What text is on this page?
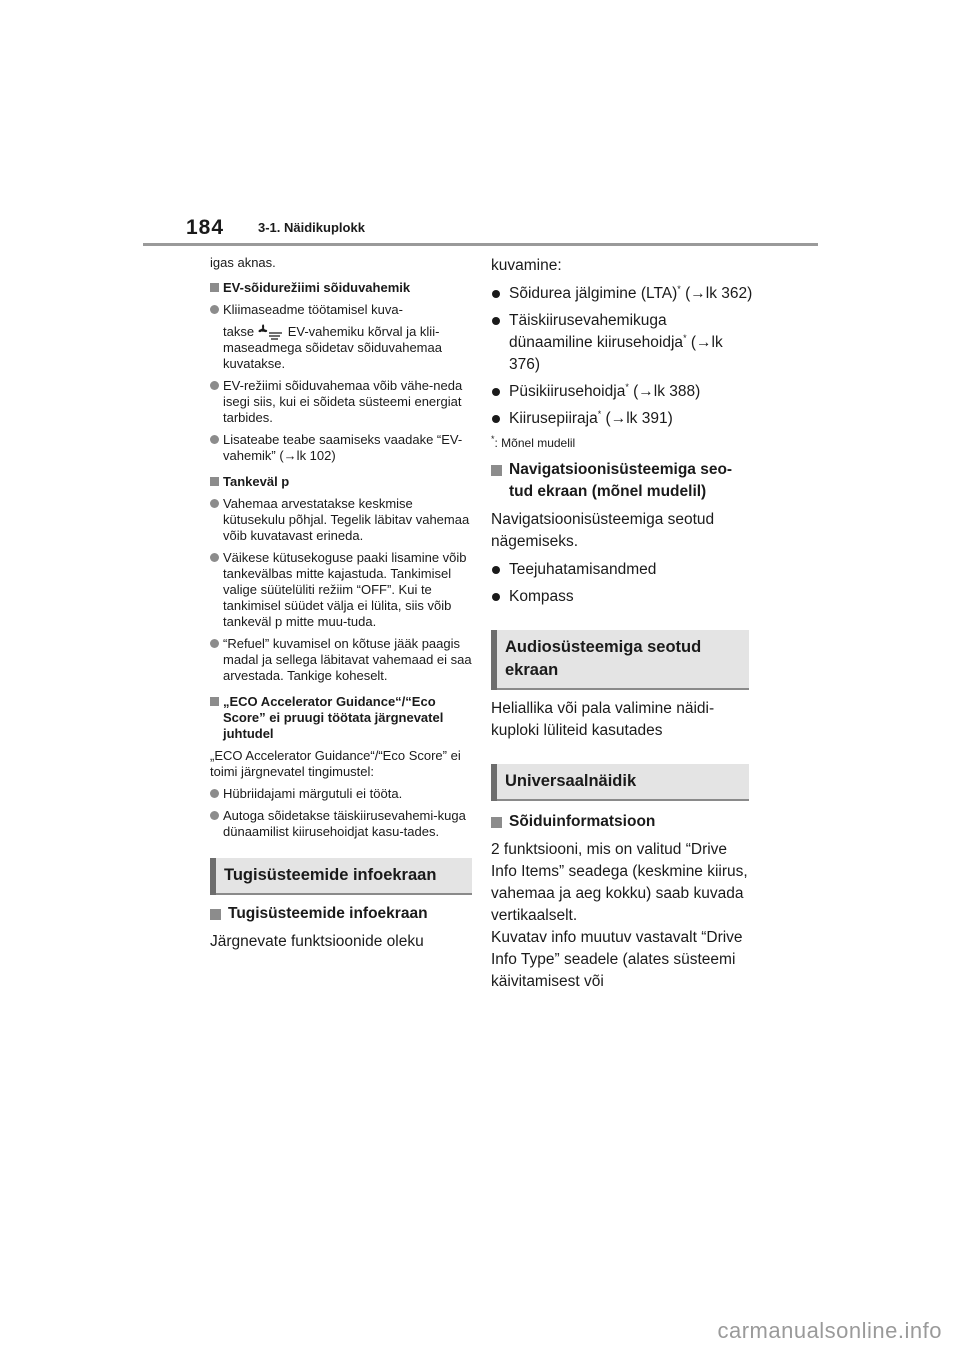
184	3-1. Näidikuplokk
igas aknas.
EV-sõidurežiimi sõiduvahemik
Kliimaseadme töötamisel kuva-
takse EV-vahemiku kõrval ja klii-maseadmega sõidetav sõiduvahemaa kuvatakse.
EV-režiimi sõiduvahemaa võib vähe-neda isegi siis, kui ei sõideta süsteemi energiat tarbides.
Lisateabe teabe saamiseks vaadake “EV-vahemik” (→lk 102)
Tankeväl p
Vahemaa arvestatakse keskmise kütusekulu põhjal. Tegelik läbitav vahemaa võib kuvatavast erineda.
Väikese kütusekoguse paaki lisamine võib tankevälbas mitte kajastuda. Tankimisel valige süütelüliti režiim “OFF”. Kui te tankimisel süüdet välja ei lülita, siis võib tankeväl p mitte muu-tuda.
“Refuel” kuvamisel on kõtuse jääk paagis madal ja sellega läbitavat vahemaad ei saa arvestada. Tankige koheselt.
„ECO Accelerator Guidance“/“Eco Score” ei pruugi töötata järgnevatel juhtudel
„ECO Accelerator Guidance“/“Eco Score” ei toimi järgnevatel tingimustel:
Hübriidajami märgutuli ei tööta.
Autoga sõidetakse täiskiirusevahemi-kuga dünaamilist kiirusehoidjat kasu-tades.
Tugisüsteemide infoekraan
Tugisüsteemide infoekraan
Järgnevate funktsioonide oleku
kuvamine:
Sõidurea jälgimine (LTA)* (→lk 362)
Täiskiirusevahemikuga dünaamiline kiirusehoidja* (→lk 376)
Püsikiirusehoidja* (→lk 388)
Kiirusepiiraja* (→lk 391)
*: Mõnel mudelil
Navigatsioonisüsteemiga seo-tud ekraan (mõnel mudelil)
Navigatsioonisüsteemiga seotud nägemiseks.
Teejuhatamisandmed
Kompass
Audiosüsteemiga seotud ekraan
Heliallika või pala valimine näidi-kuploki lüliteid kasutades
Universaalnäidik
Sõiduinformatsioon
2 funktsiooni, mis on valitud “Drive Info Items” seadega (keskmine kiirus, vahemaa ja aeg kokku) saab kuvada vertikaalselt.
Kuvatav info muutuv vastavalt “Drive Info Type” seadele (alates süsteemi käivitamisest või
carmanualsonline.info
